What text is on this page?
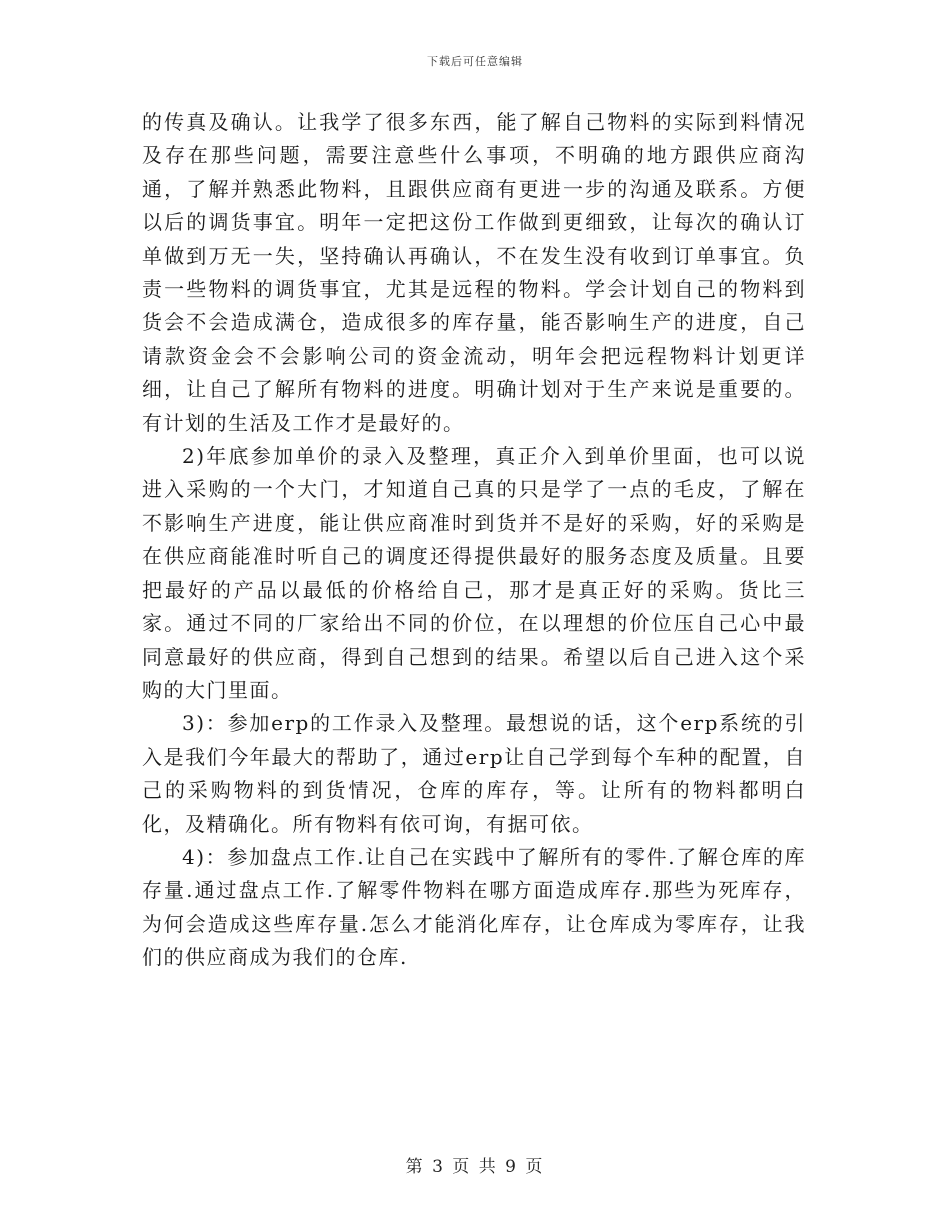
下载后可任意编辑

的传真及确认。让我学了很多东西，能了解自己物料的实际到料情况及存在那些问题，需要注意些什么事项，不明确的地方跟供应商沟通，了解并熟悉此物料，且跟供应商有更进一步的沟通及联系。方便以后的调货事宜。明年一定把这份工作做到更细致，让每次的确认订单做到万无一失，坚持确认再确认，不在发生没有收到订单事宜。负责一些物料的调货事宜，尤其是远程的物料。学会计划自己的物料到货会不会造成满仓，造成很多的库存量，能否影响生产的进度，自己请款资金会不会影响公司的资金流动，明年会把远程物料计划更详细，让自己了解所有物料的进度。明确计划对于生产来说是重要的。有计划的生活及工作才是最好的。

2)年底参加单价的录入及整理，真正介入到单价里面，也可以说进入采购的一个大门，才知道自己真的只是学了一点的毛皮，了解在不影响生产进度，能让供应商准时到货并不是好的采购，好的采购是在供应商能准时听自己的调度还得提供最好的服务态度及质量。且要把最好的产品以最低的价格给自己，那才是真正好的采购。货比三家。通过不同的厂家给出不同的价位，在以理想的价位压自己心中最同意最好的供应商，得到自己想到的结果。希望以后自己进入这个采购的大门里面。

3)：参加erp的工作录入及整理。最想说的话，这个erp系统的引入是我们今年最大的帮助了，通过erp让自己学到每个车种的配置，自己的采购物料的到货情况，仓库的库存，等。让所有的物料都明白化，及精确化。所有物料有依可询，有据可依。

4)：参加盘点工作.让自己在实践中了解所有的零件.了解仓库的库存量.通过盘点工作.了解零件物料在哪方面造成库存.那些为死库存，为何会造成这些库存量.怎么才能消化库存，让仓库成为零库存，让我们的供应商成为我们的仓库.

第 3 页 共 9 页
